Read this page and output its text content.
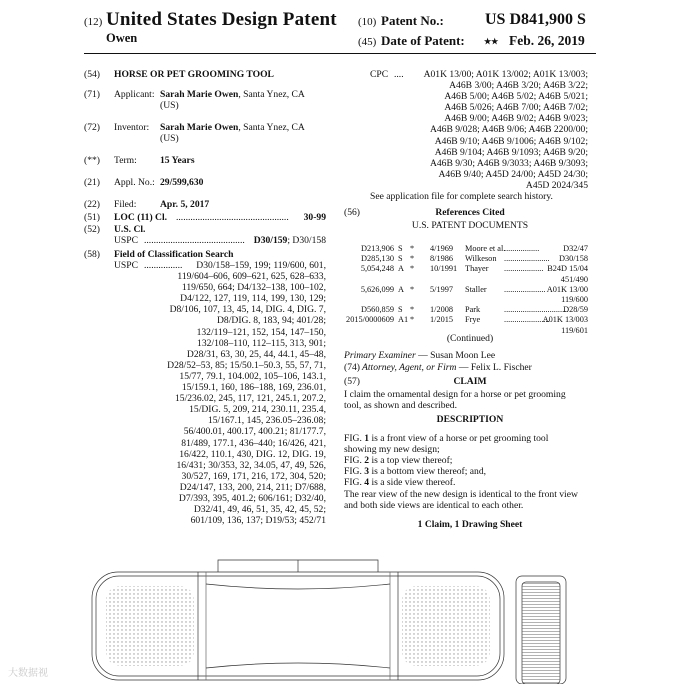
(12) United States Design Patent
Owen
(10) Patent No.:	US D841,900 S
(45) Date of Patent: ★★ Feb. 26, 2019
(54)	HORSE OR PET GROOMING TOOL
(71)	Applicant: Sarah Marie Owen, Santa Ynez, CA
(US)
(72)	Inventor: Sarah Marie Owen, Santa Ynez, CA
(US)
(**)	Term: 15 Years
(21)	Appl. No.: 29/599,630
(22)	Filed: Apr. 5, 2017
(51)	LOC (11) Cl. ...............................................	30-99
(52)	U.S. Cl.
USPC .......................................... D30/159; D30/158
(58)	Field of Classification Search
USPC ................	D30/158–159, 199; 119/600, 601,
119/604–606, 609–621, 625, 628–633,
119/650, 664; D4/132–138, 100–102,
D4/122, 127, 119, 114, 199, 130, 129;
D8/106, 107, 13, 45, 14, DIG. 4, DIG. 7,
D8/DIG. 8, 183, 94; 401/28;
132/119–121, 152, 154, 147–150,
132/108–110, 112–115, 313, 901;
D28/31, 63, 30, 25, 44, 44.1, 45–48,
D28/52–53, 85; 15/50.1–50.3, 55, 57, 71,
15/77, 79.1, 104.002, 105–106, 143.1,
15/159.1, 160, 186–188, 169, 236.01,
15/236.02, 245, 117, 121, 245.1, 207.2,
15/DIG. 5, 209, 214, 230.11, 235.4,
15/167.1, 145, 236.05–236.08;
56/400.01, 400.17, 400.21; 81/177.7,
81/489, 177.1, 436–440; 16/426, 421,
16/422, 110.1, 430, DIG. 12, DIG. 19,
16/431; 30/353, 32, 34.05, 47, 49, 526,
30/527, 169, 171, 216, 172, 304, 520;
D24/147, 133, 200, 214, 211; D7/688,
D7/393, 395, 401.2; 606/161; D32/40,
D32/41, 49, 46, 51, 35, 42, 45, 52;
601/109, 136, 137; D19/53; 452/71
CPC ....	A01K 13/00; A01K 13/002; A01K 13/003;
A46B 3/00; A46B 3/20; A46B 3/22;
A46B 5/00; A46B 5/02; A46B 5/021;
A46B 5/026; A46B 7/00; A46B 7/02;
A46B 9/00; A46B 9/02; A46B 9/023;
A46B 9/028; A46B 9/06; A46B 2200/00;
A46B 9/10; A46B 9/1006; A46B 9/102;
A46B 9/104; A46B 9/1093; A46B 9/20;
A46B 9/30; A46B 9/3033; A46B 9/3093;
A46B 9/40; A45D 24/00; A45D 24/30;
A45D 2024/345
See application file for complete search history.
(56)	References Cited
U.S. PATENT DOCUMENTS
D213,906 S * 4/1969 Moore et al.
.................	D32/47
D285,130 S * 8/1986 Wilkeson ...................... D30/158
5,054,248 A * 10/1991 Thayer ................... B24D 15/04
451/490
5,626,099 A * 5/1997 Staller .................... A01K 13/00
119/600
D560,859 S * 1/2008 Park	...............................
D28/59
2015/0000609 A1 * 1/2015 Frye	......................
A01K 13/003
119/601
(Continued)
Primary Examiner — Susan Moon Lee
(74) Attorney, Agent, or Firm — Felix L. Fischer
(57)	CLAIM
I claim the ornamental design for a horse or pet grooming
tool, as shown and described.
DESCRIPTION
FIG. 1 is a front view of a horse or pet grooming tool
showing my new design;
FIG. 2 is a top view thereof;
FIG. 3 is a bottom view thereof; and,
FIG. 4 is a side view thereof.
The rear view of the new design is identical to the front view
and both side views are identical to each other.
1 Claim, 1 Drawing Sheet
大数据视
